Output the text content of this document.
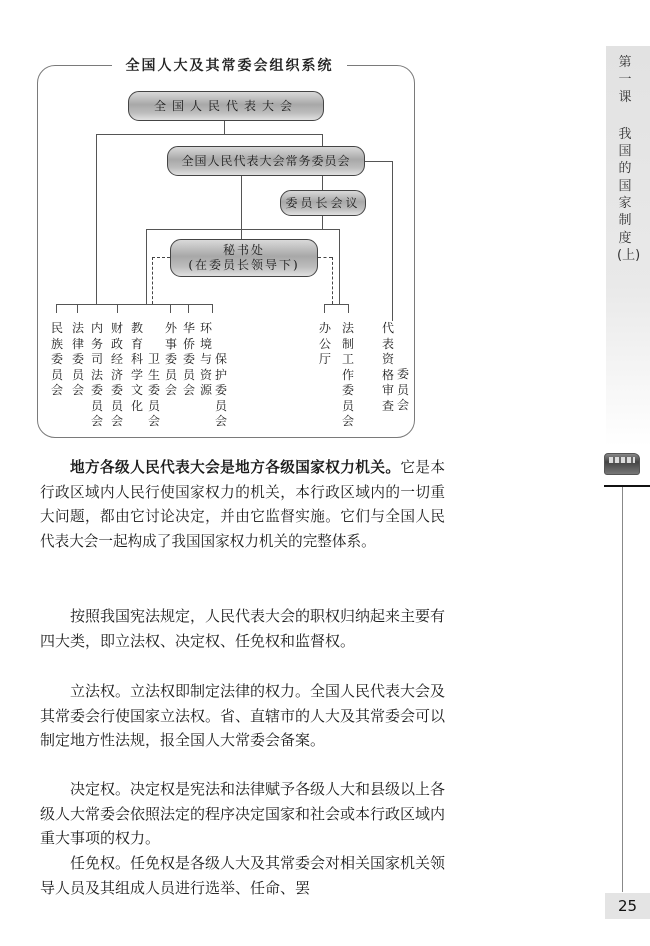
全国人大及其常委会组织系统
全国人民代表大会
全国人民代表大会常务委员会
委员长会议
秘书处
(在委员长领导下)
民族委员会
法律委员会
内务司法委员会
财政经济委员会
教育科学文化
卫生委员会
外事委员会
华侨委员会
环境与资源
保护委员会
办公厅
法制工作委员会
代表资格审查
委员会
第一课
我国的国家制度(上)
25
地方各级人民代表大会是地方各级国家权力机关。它是本行政区域内人民行使国家权力的机关，本行政区域内的一切重大问题，都由它讨论决定，并由它监督实施。它们与全国人民代表大会一起构成了我国国家权力机关的完整体系。
按照我国宪法规定，人民代表大会的职权归纳起来主要有四大类，即立法权、决定权、任免权和监督权。
立法权。立法权即制定法律的权力。全国人民代表大会及其常委会行使国家立法权。省、直辖市的人大及其常委会可以制定地方性法规，报全国人大常委会备案。
决定权。决定权是宪法和法律赋予各级人大和县级以上各级人大常委会依照法定的程序决定国家和社会或本行政区域内重大事项的权力。
任免权。任免权是各级人大及其常委会对相关国家机关领导人员及其组成人员进行选举、任命、罢
